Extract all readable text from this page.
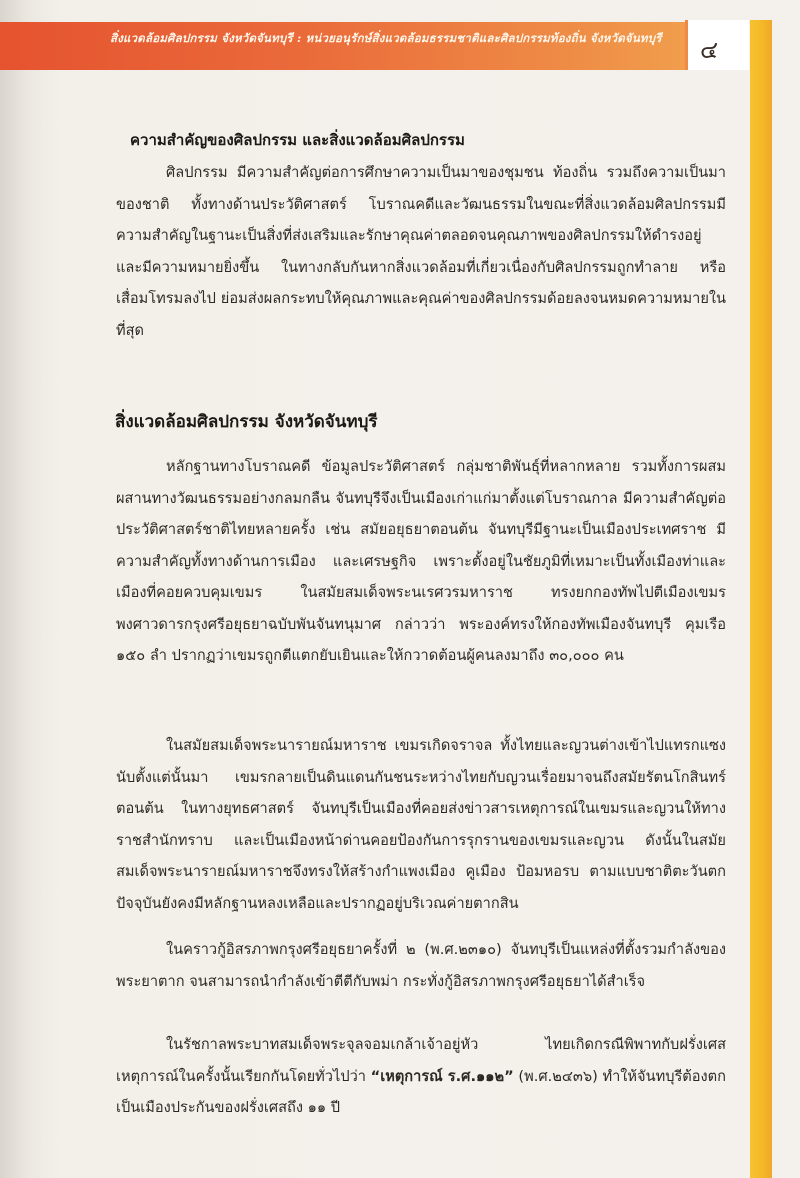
สิ่งแวดล้อมศิลปกรรม จังหวัดจันทบุรี : หน่วยอนุรักษ์สิ่งแวดล้อมธรรมชาติและศิลปกรรมท้องถิ่น จังหวัดจันทบุรี	๔
ความสำคัญของศิลปกรรม และสิ่งแวดล้อมศิลปกรรม

ศิลปกรรม มีความสำคัญต่อการศึกษาความเป็นมาของชุมชน ท้องถิ่น รวมถึงความเป็นมาของชาติ ทั้งทางด้านประวัติศาสตร์ โบราณคดีและวัฒนธรรมในขณะที่สิ่งแวดล้อมศิลปกรรมมีความสำคัญในฐานะเป็นสิ่งที่ส่งเสริมและรักษาคุณค่าตลอดจนคุณภาพของศิลปกรรมให้ดำรงอยู่และมีความหมายยิ่งขึ้น ในทางกลับกันหากสิ่งแวดล้อมที่เกี่ยวเนื่องกับศิลปกรรมถูกทำลาย หรือเสื่อมโทรมลงไป ย่อมส่งผลกระทบให้คุณภาพและคุณค่าของศิลปกรรมด้อยลงจนหมดความหมายในที่สุด

สิ่งแวดล้อมศิลปกรรม จังหวัดจันทบุรี

หลักฐานทางโบราณคดี ข้อมูลประวัติศาสตร์ กลุ่มชาติพันธุ์ที่หลากหลาย รวมทั้งการผสมผสานทางวัฒนธรรมอย่างกลมกลืน จันทบุรีจึงเป็นเมืองเก่าแก่มาตั้งแต่โบราณกาล มีความสำคัญต่อประวัติศาสตร์ชาติไทยหลายครั้ง เช่น สมัยอยุธยาตอนต้น จันทบุรีมีฐานะเป็นเมืองประเทศราช มีความสำคัญทั้งทางด้านการเมือง และเศรษฐกิจ เพราะตั้งอยู่ในชัยภูมิที่เหมาะเป็นทั้งเมืองท่าและเมืองที่คอยควบคุมเขมร ในสมัยสมเด็จพระนเรศวรมหาราช ทรงยกกองทัพไปตีเมืองเขมร พงศาวดารกรุงศรีอยุธยาฉบับพันจันทนุมาศ กล่าวว่า พระองค์ทรงให้กองทัพเมืองจันทบุรี คุมเรือ ๑๕๐ ลำ ปรากฏว่าเขมรถูกตีแตกยับเยินและให้กวาดต้อนผู้คนลงมาถึง ๓๐,๐๐๐ คน

ในสมัยสมเด็จพระนารายณ์มหาราช เขมรเกิดจราจล ทั้งไทยและญวนต่างเข้าไปแทรกแซงนับตั้งแต่นั้นมา เขมรกลายเป็นดินแดนกันชนระหว่างไทยกับญวนเรื่อยมาจนถึงสมัยรัตนโกสินทร์ตอนต้น ในทางยุทธศาสตร์ จันทบุรีเป็นเมืองที่คอยส่งข่าวสารเหตุการณ์ในเขมรและญวนให้ทางราชสำนักทราบ และเป็นเมืองหน้าด่านคอยป้องกันการรุกรานของเขมรและญวน ดังนั้นในสมัยสมเด็จพระนารายณ์มหาราชจึงทรงให้สร้างกำแพงเมือง คูเมือง ป้อมหอรบ ตามแบบชาติตะวันตก ปัจจุบันยังคงมีหลักฐานหลงเหลือและปรากฏอยู่บริเวณค่ายตากสิน

ในคราวกู้อิสรภาพกรุงศรีอยุธยาครั้งที่ ๒ (พ.ศ.๒๓๑๐) จันทบุรีเป็นแหล่งที่ตั้งรวมกำลังของพระยาตาก จนสามารถนำกำลังเข้าตีตีกับพม่า กระทั่งกู้อิสรภาพกรุงศรีอยุธยาได้สำเร็จ

ในรัชกาลพระบาทสมเด็จพระจุลจอมเกล้าเจ้าอยู่หัว ไทยเกิดกรณีพิพาทกับฝรั่งเศสเหตุการณ์ในครั้งนั้นเรียกกันโดยทั่วไปว่า “เหตุการณ์ ร.ศ.๑๑๒” (พ.ศ.๒๔๓๖) ทำให้จันทบุรีต้องตกเป็นเมืองประกันของฝรั่งเศสถึง ๑๑ ปี
